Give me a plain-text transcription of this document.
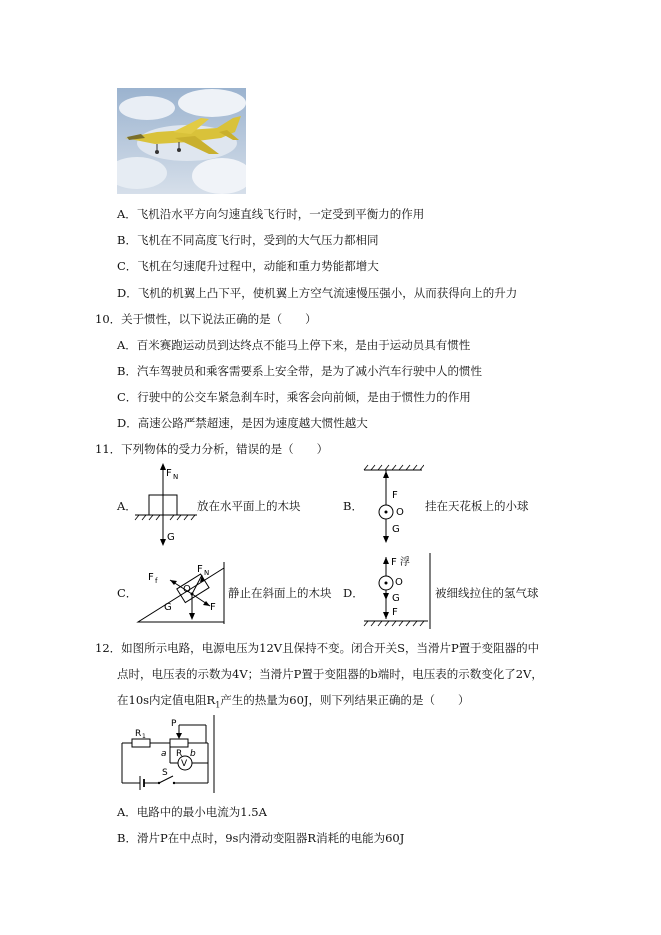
A．飞机沿水平方向匀速直线飞行时，一定受到平衡力的作用
B．飞机在不同高度飞行时，受到的大气压力都相同
C．飞机在匀速爬升过程中，动能和重力势能都增大
D．飞机的机翼上凸下平，使机翼上方空气流速慢压强小，从而获得向上的升力
10．关于惯性，以下说法正确的是（　　）
A．百米赛跑运动员到达终点不能马上停下来，是由于运动员具有惯性
B．汽车驾驶员和乘客需要系上安全带，是为了减小汽车行驶中人的惯性
C．行驶中的公交车紧急刹车时，乘客会向前倾，是由于惯性力的作用
D．高速公路严禁超速，是因为速度越大惯性越大
11．下列物体的受力分析，错误的是（　　）
A．
F N
G
放在水平面上的木块	B．
F
O
G
挂在天花板上的小球
C．
F f
F N
O
G	F
静止在斜面上的木块 D．
F 浮
O
G
F
被细线拉住的氢气球
12．如图所示电路，电源电压为12V且保持不变。闭合开关S，当滑片P置于变阻器的中
点时，电压表的示数为4V；当滑片P置于变阻器的b端时，电压表的示数变化了2V，
在10s内定值电阻$R_1$产生的热量为60J，则下列结果正确的是（　　）
R 1
P
a R b
V
S
A．电路中的最小电流为1.5A
B．滑片P在中点时，9s内滑动变阻器R消耗的电能为60J
